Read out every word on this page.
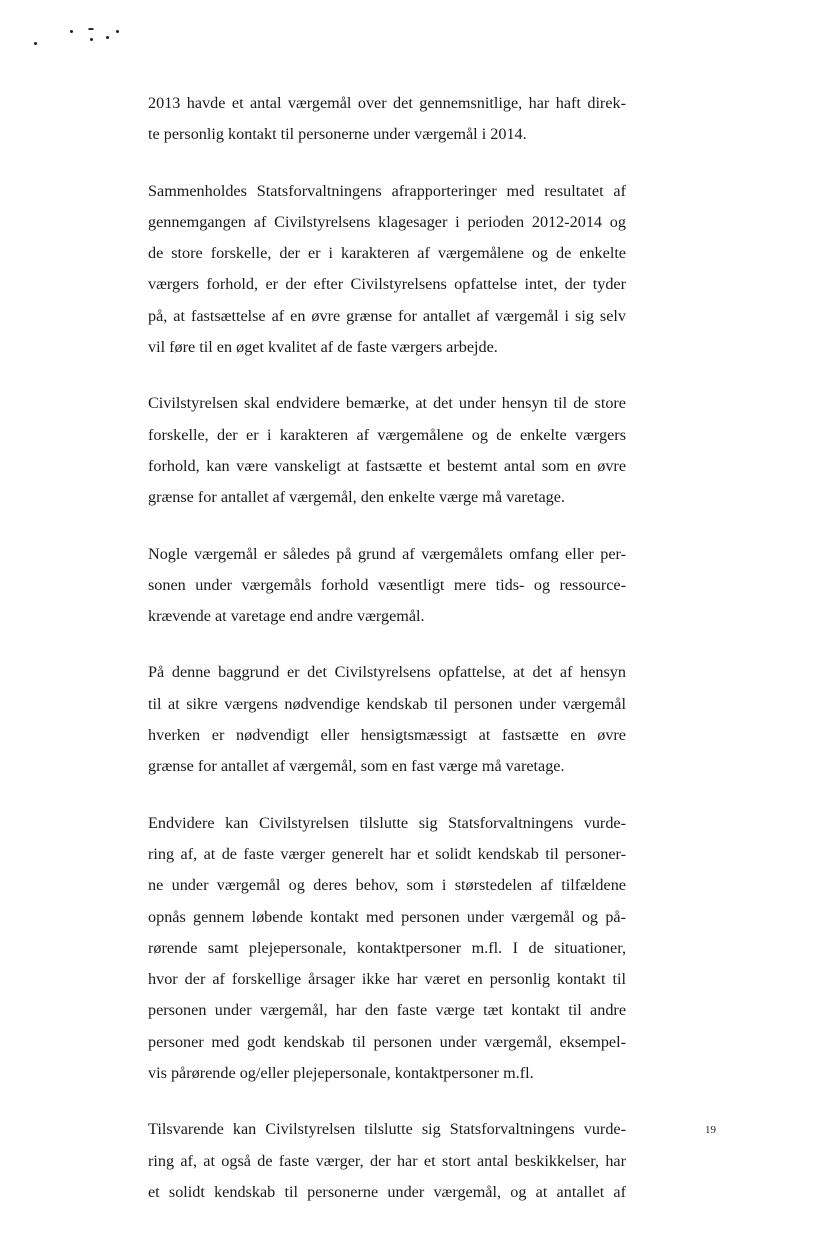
2013 havde et antal værgemål over det gennemsnitlige, har haft direk-
te personlig kontakt til personerne under værgemål i 2014.

Sammenholdes Statsforvaltningens afrapporteringer med resultatet af
gennemgangen af Civilstyrelsens klagesager i perioden 2012-2014 og
de store forskelle, der er i karakteren af værgemålene og de enkelte
værgers forhold, er der efter Civilstyrelsens opfattelse intet, der tyder
på, at fastsættelse af en øvre grænse for antallet af værgemål i sig selv
vil føre til en øget kvalitet af de faste værgers arbejde.

Civilstyrelsen skal endvidere bemærke, at det under hensyn til de store
forskelle, der er i karakteren af værgemålene og de enkelte værgers
forhold, kan være vanskeligt at fastsætte et bestemt antal som en øvre
grænse for antallet af værgemål, den enkelte værge må varetage.

Nogle værgemål er således på grund af værgemålets omfang eller per-
sonen under værgemåls forhold væsentligt mere tids- og ressource-
krævende at varetage end andre værgemål.

På denne baggrund er det Civilstyrelsens opfattelse, at det af hensyn
til at sikre værgens nødvendige kendskab til personen under værgemål
hverken er nødvendigt eller hensigtsmæssigt at fastsætte en øvre
grænse for antallet af værgemål, som en fast værge må varetage.

Endvidere kan Civilstyrelsen tilslutte sig Statsforvaltningens vurde-
ring af, at de faste værger generelt har et solidt kendskab til personer-
ne under værgemål og deres behov, som i størstedelen af tilfældene
opnås gennem løbende kontakt med personen under værgemål og på-
rørende samt plejepersonale, kontaktpersoner m.fl. I de situationer,
hvor der af forskellige årsager ikke har været en personlig kontakt til
personen under værgemål, har den faste værge tæt kontakt til andre
personer med godt kendskab til personen under værgemål, eksempel-
vis pårørende og/eller plejepersonale, kontaktpersoner m.fl.

Tilsvarende kan Civilstyrelsen tilslutte sig Statsforvaltningens vurde-
ring af, at også de faste værger, der har et stort antal beskikkelser, har
et solidt kendskab til personerne under værgemål, og at antallet af

19
